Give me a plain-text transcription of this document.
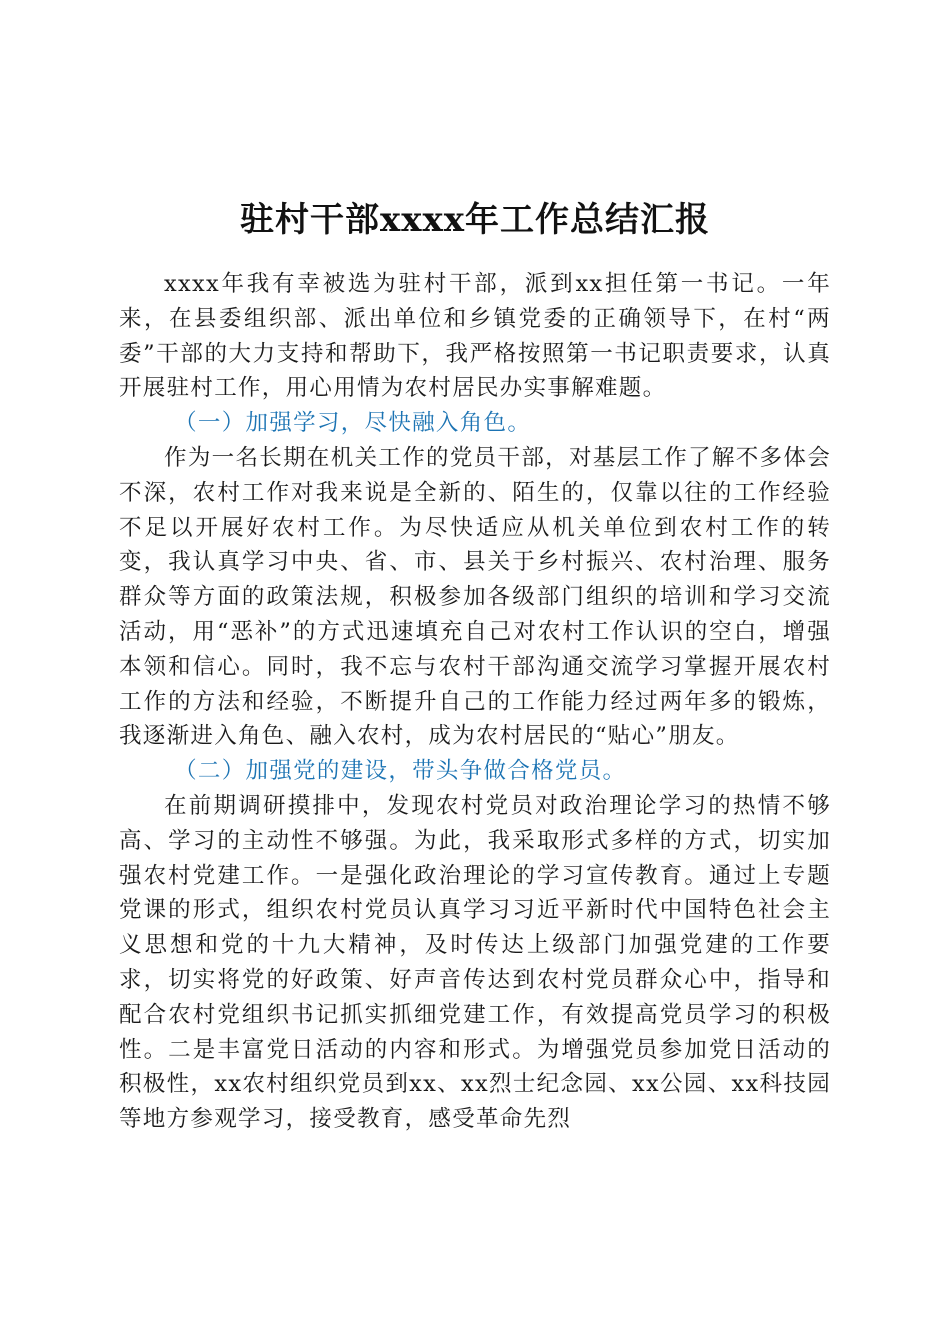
驻村干部xxxx年工作总结汇报

xxxx年我有幸被选为驻村干部，派到xx担任第一书记。一年来，在县委组织部、派出单位和乡镇党委的正确领导下，在村“两委”干部的大力支持和帮助下，我严格按照第一书记职责要求，认真开展驻村工作，用心用情为农村居民办实事解难题。

（一）加强学习，尽快融入角色。

作为一名长期在机关工作的党员干部，对基层工作了解不多体会不深，农村工作对我来说是全新的、陌生的，仅靠以往的工作经验不足以开展好农村工作。为尽快适应从机关单位到农村工作的转变，我认真学习中央、省、市、县关于乡村振兴、农村治理、服务群众等方面的政策法规，积极参加各级部门组织的培训和学习交流活动，用“恶补”的方式迅速填充自己对农村工作认识的空白，增强本领和信心。同时，我不忘与农村干部沟通交流学习掌握开展农村工作的方法和经验，不断提升自己的工作能力经过两年多的锻炼，我逐渐进入角色、融入农村，成为农村居民的“贴心”朋友。

（二）加强党的建设，带头争做合格党员。

在前期调研摸排中，发现农村党员对政治理论学习的热情不够高、学习的主动性不够强。为此，我采取形式多样的方式，切实加强农村党建工作。一是强化政治理论的学习宣传教育。通过上专题党课的形式，组织农村党员认真学习习近平新时代中国特色社会主义思想和党的十九大精神，及时传达上级部门加强党建的工作要求，切实将党的好政策、好声音传达到农村党员群众心中，指导和配合农村党组织书记抓实抓细党建工作，有效提高党员学习的积极性。二是丰富党日活动的内容和形式。为增强党员参加党日活动的积极性，xx农村组织党员到xx、xx烈士纪念园、xx公园、xx科技园等地方参观学习，接受教育，感受革命先烈
